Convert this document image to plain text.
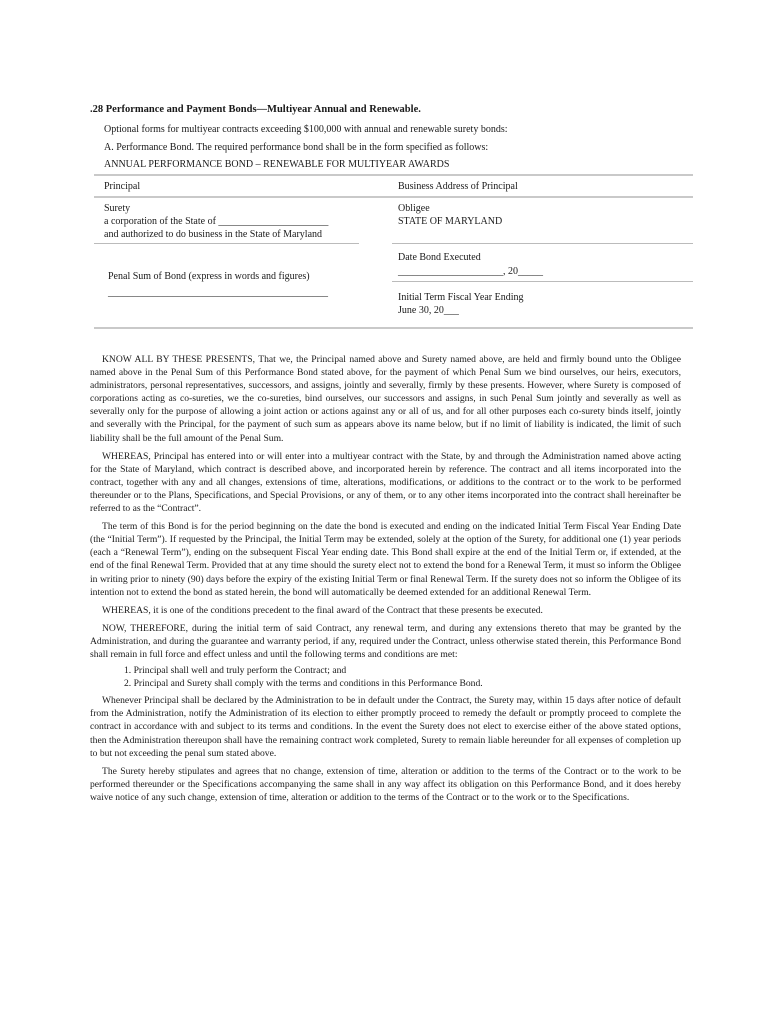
.28 Performance and Payment Bonds—Multiyear Annual and Renewable.
Optional forms for multiyear contracts exceeding $100,000 with annual and renewable surety bonds:
A. Performance Bond. The required performance bond shall be in the form specified as follows:
ANNUAL PERFORMANCE BOND – RENEWABLE FOR MULTIYEAR AWARDS
Principal	Business Address of Principal
Surety
a corporation of the State of ______________________
and authorized to do business in the State of Maryland
Obligee
STATE OF MARYLAND
Date Bond Executed
_____________________, 20_____
Penal Sum of Bond (express in words and figures)
____________________________________________	Initial Term Fiscal Year Ending
June 30, 20___

KNOW ALL BY THESE PRESENTS, That we, the Principal named above and Surety named above, are held and firmly bound unto the Obligee named above in the Penal Sum of this Performance Bond stated above, for the payment of which Penal Sum we bind ourselves, our heirs, executors, administrators, personal representatives, successors, and assigns, jointly and severally, firmly by these presents. However, where Surety is composed of corporations acting as co-sureties, we the co-sureties, bind ourselves, our successors and assigns, in such Penal Sum jointly and severally as well as severally only for the purpose of allowing a joint action or actions against any or all of us, and for all other purposes each co-surety binds itself, jointly and severally with the Principal, for the payment of such sum as appears above its name below, but if no limit of liability is indicated, the limit of such liability shall be the full amount of the Penal Sum.

WHEREAS, Principal has entered into or will enter into a multiyear contract with the State, by and through the Administration named above acting for the State of Maryland, which contract is described above, and incorporated herein by reference. The contract and all items incorporated into the contract, together with any and all changes, extensions of time, alterations, modifications, or additions to the contract or to the work to be performed thereunder or to the Plans, Specifications, and Special Provisions, or any of them, or to any other items incorporated into the contract shall hereinafter be referred to as the “Contract”.

The term of this Bond is for the period beginning on the date the bond is executed and ending on the indicated Initial Term Fiscal Year Ending Date (the “Initial Term”). If requested by the Principal, the Initial Term may be extended, solely at the option of the Surety, for additional one (1) year periods (each a “Renewal Term”), ending on the subsequent Fiscal Year ending date. This Bond shall expire at the end of the Initial Term or, if extended, at the end of the final Renewal Term. Provided that at any time should the surety elect not to extend the bond for a Renewal Term, it must so inform the Obligee in writing prior to ninety (90) days before the expiry of the existing Initial Term or final Renewal Term. If the surety does not so inform the Obligee of its intention not to extend the bond as stated herein, the bond will automatically be deemed extended for an additional Renewal Term.

WHEREAS, it is one of the conditions precedent to the final award of the Contract that these presents be executed.

NOW, THEREFORE, during the initial term of said Contract, any renewal term, and during any extensions thereto that may be granted by the Administration, and during the guarantee and warranty period, if any, required under the Contract, unless otherwise stated therein, this Performance Bond shall remain in full force and effect unless and until the following terms and conditions are met:

1. Principal shall well and truly perform the Contract; and
2. Principal and Surety shall comply with the terms and conditions in this Performance Bond.

Whenever Principal shall be declared by the Administration to be in default under the Contract, the Surety may, within 15 days after notice of default from the Administration, notify the Administration of its election to either promptly proceed to remedy the default or promptly proceed to complete the contract in accordance with and subject to its terms and conditions. In the event the Surety does not elect to exercise either of the above stated options, then the Administration thereupon shall have the remaining contract work completed, Surety to remain liable hereunder for all expenses of completion up to but not exceeding the penal sum stated above.

The Surety hereby stipulates and agrees that no change, extension of time, alteration or addition to the terms of the Contract or to the work to be performed thereunder or the Specifications accompanying the same shall in any way affect its obligation on this Performance Bond, and it does hereby waive notice of any such change, extension of time, alteration or addition to the terms of the Contract or to the work or to the Specifications.
